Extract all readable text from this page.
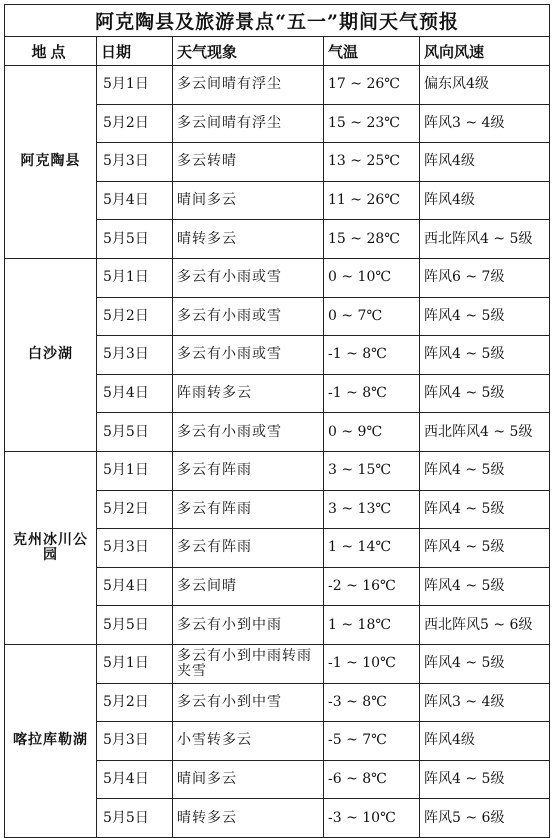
阿克陶县及旅游景点“五一”期间天气预报				
地点	日期	天气现象	气温	风向风速
阿克陶县	5月1日	多云间晴有浮尘	17 ~ 26℃	偏东风4级
	5月2日	多云间晴有浮尘	15 ~ 23℃	阵风3 ~ 4级
	5月3日	多云转晴	13 ~ 25℃	阵风4级
	5月4日	晴间多云	11 ~ 26℃	阵风4级
	5月5日	晴转多云	15 ~ 28℃	西北阵风4 ~ 5级
白沙湖	5月1日	多云有小雨或雪	0 ~ 10℃	阵风6 ~ 7级
	5月2日	多云有小雨或雪	0 ~ 7℃	阵风4 ~ 5级
	5月3日	多云有小雨或雪	-1 ~ 8℃	阵风4 ~ 5级
	5月4日	阵雨转多云	-1 ~ 8℃	阵风4 ~ 5级
	5月5日	多云有小雨或雪	0 ~ 9℃	西北阵风4 ~ 5级
克州冰川公园	5月1日	多云有阵雨	3 ~ 15℃	阵风4 ~ 5级
	5月2日	多云有阵雨	3 ~ 13℃	阵风4 ~ 5级
	5月3日	多云有阵雨	1 ~ 14℃	阵风4 ~ 5级
	5月4日	多云间晴	-2 ~ 16℃	阵风4 ~ 5级
	5月5日	多云有小到中雨	1 ~ 18℃	西北阵风5 ~ 6级
喀拉库勒湖	5月1日	多云有小到中雨转雨夹雪	-1 ~ 10℃	阵风4 ~ 5级
	5月2日	多云有小到中雪	-3 ~ 8℃	阵风3 ~ 4级
	5月3日	小雪转多云	-5 ~ 7℃	阵风4级
	5月4日	晴间多云	-6 ~ 8℃	阵风4 ~ 5级
	5月5日	晴转多云	-3 ~ 10℃	阵风5 ~ 6级
